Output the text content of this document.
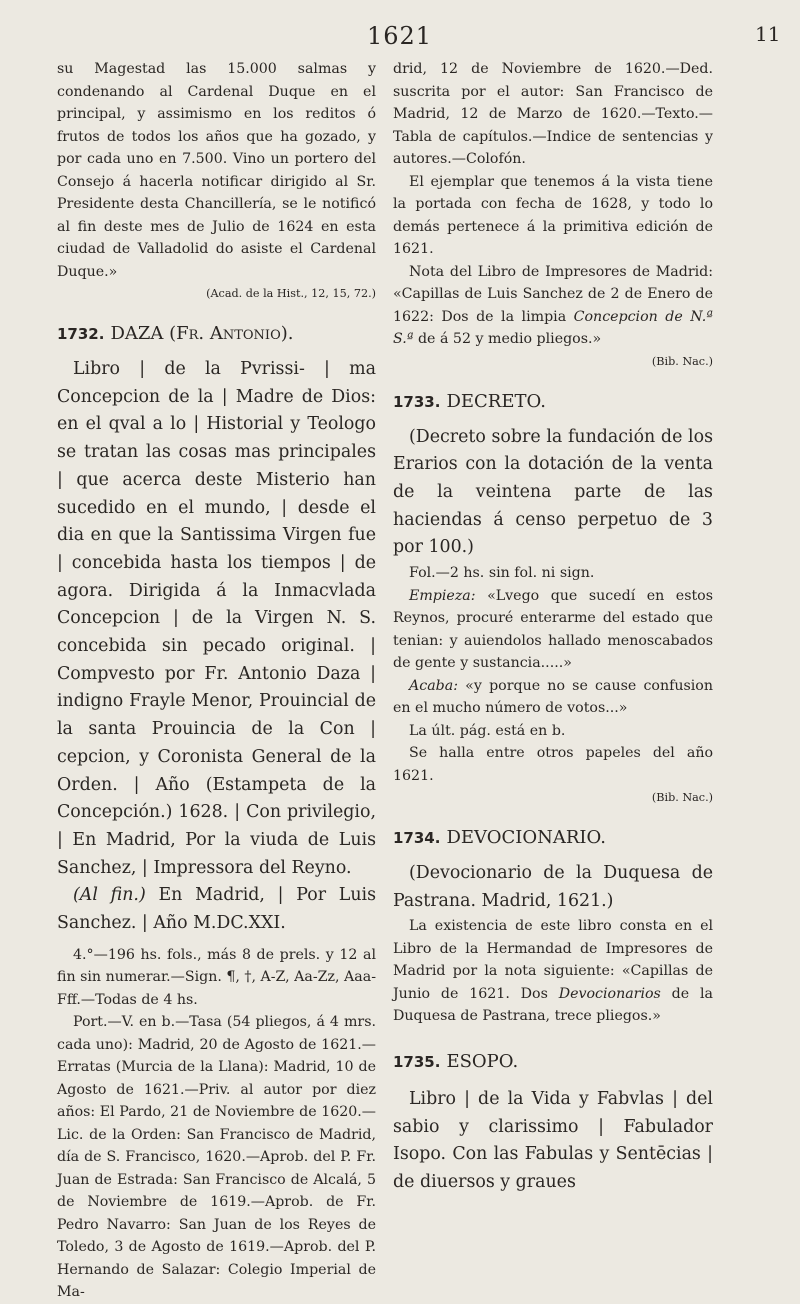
1621	11

su Magestad las 15.000 salmas y condenando al Cardenal Duque en el principal, y assimismo en los reditos ó frutos de todos los años que ha gozado, y por cada uno en 7.500. Vino un portero del Consejo á hacerla notificar dirigido al Sr. Presidente desta Chancillería, se le notificó al fin deste mes de Julio de 1624 en esta ciudad de Valladolid do asiste el Cardenal Duque.»

(Acad. de la Hist., 12, 15, 72.)

1732. DAZA (Fr. Antonio).

Libro | de la Pvrissi- | ma Concepcion de la | Madre de Dios: en el qval a lo | Historial y Teologo se tratan las cosas mas principales | que acerca deste Misterio han sucedido en el mundo, | desde el dia en que la Santissima Virgen fue | concebida hasta los tiempos | de agora. Dirigida á la Inmacvlada Concepcion | de la Virgen N. S. concebida sin pecado original. | Compvesto por Fr. Antonio Daza | indigno Frayle Menor, Prouincial de la santa Prouincia de la Con | cepcion, y Coronista General de la Orden. | Año (Estampeta de la Concepción.) 1628. | Con privilegio, | En Madrid, Por la viuda de Luis Sanchez, | Impressora del Reyno.

(Al fin.) En Madrid, | Por Luis Sanchez. | Año M.DC.XXI.

4.°—196 hs. fols., más 8 de prels. y 12 al fin sin numerar.—Sign. ¶, †, A-Z, Aa-Zz, Aaa-Fff.—Todas de 4 hs.

Port.—V. en b.—Tasa (54 pliegos, á 4 mrs. cada uno): Madrid, 20 de Agosto de 1621.—Erratas (Murcia de la Llana): Madrid, 10 de Agosto de 1621.—Priv. al autor por diez años: El Pardo, 21 de Noviembre de 1620.—Lic. de la Orden: San Francisco de Madrid, día de S. Francisco, 1620.—Aprob. del P. Fr. Juan de Estrada: San Francisco de Alcalá, 5 de Noviembre de 1619.—Aprob. de Fr. Pedro Navarro: San Juan de los Reyes de Toledo, 3 de Agosto de 1619.—Aprob. del P. Hernando de Salazar: Colegio Imperial de Ma-

drid, 12 de Noviembre de 1620.—Ded. suscrita por el autor: San Francisco de Madrid, 12 de Marzo de 1620.—Texto.—Tabla de capítulos.—Indice de sentencias y autores.—Colofón.

El ejemplar que tenemos á la vista tiene la portada con fecha de 1628, y todo lo demás pertenece á la primitiva edición de 1621.

Nota del Libro de Impresores de Madrid: «Capillas de Luis Sanchez de 2 de Enero de 1622: Dos de la limpia Concepcion de N.ª S.ª de á 52 y medio pliegos.»

(Bib. Nac.)

1733. DECRETO.

(Decreto sobre la fundación de los Erarios con la dotación de la venta de la veintena parte de las haciendas á censo perpetuo de 3 por 100.)

Fol.—2 hs. sin fol. ni sign.

Empieza: «Lvego que sucedí en estos Reynos, procuré enterarme del estado que tenian: y auiendolos hallado menoscabados de gente y sustancia.....»

Acaba: «y porque no se cause confusion en el mucho número de votos...»

La últ. pág. está en b.

Se halla entre otros papeles del año 1621.

(Bib. Nac.)

1734. DEVOCIONARIO.

(Devocionario de la Duquesa de Pastrana. Madrid, 1621.)

La existencia de este libro consta en el Libro de la Hermandad de Impresores de Madrid por la nota siguiente: «Capillas de Junio de 1621. Dos Devocionarios de la Duquesa de Pastrana, trece pliegos.»

1735. ESOPO.

Libro | de la Vida y Fabvlas | del sabio y clarissimo | Fabulador Isopo. Con las Fabulas y Sentēcias | de diuersos y graues
